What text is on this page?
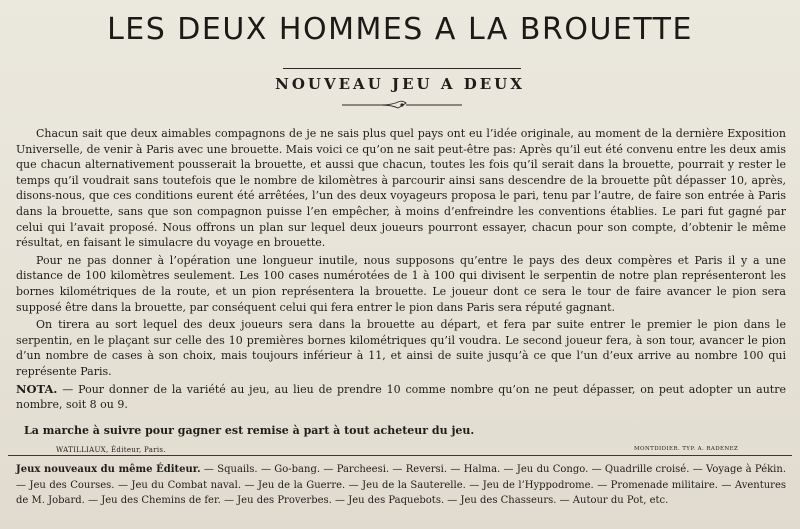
LES DEUX HOMMES A LA BROUETTE
NOUVEAU JEU A DEUX

Chacun sait que deux aimables compagnons de je ne sais plus quel pays ont eu l’idée originale, au moment de la dernière Exposition Universelle, de venir à Paris avec une brouette. Mais voici ce qu’on ne sait peut-être pas: Après qu’il eut été convenu entre les deux amis que chacun alternativement pousserait la brouette, et aussi que chacun, toutes les fois qu’il serait dans la brouette, pourrait y rester le temps qu’il voudrait sans toutefois que le nombre de kilomètres à parcourir ainsi sans descendre de la brouette pût dépasser 10, après, disons-nous, que ces conditions eurent été arrêtées, l’un des deux voyageurs proposa le pari, tenu par l’autre, de faire son entrée à Paris dans la brouette, sans que son compagnon puisse l’en empêcher, à moins d’enfreindre les conventions établies. Le pari fut gagné par celui qui l’avait proposé. Nous offrons un plan sur lequel deux joueurs pourront essayer, chacun pour son compte, d’obtenir le même résultat, en faisant le simulacre du voyage en brouette.

Pour ne pas donner à l’opération une longueur inutile, nous supposons qu’entre le pays des deux compères et Paris il y a une distance de 100 kilomètres seulement. Les 100 cases numérotées de 1 à 100 qui divisent le serpentin de notre plan représenteront les bornes kilométriques de la route, et un pion représentera la brouette. Le joueur dont ce sera le tour de faire avancer le pion sera supposé être dans la brouette, par conséquent celui qui fera entrer le pion dans Paris sera réputé gagnant.

On tirera au sort lequel des deux joueurs sera dans la brouette au départ, et fera par suite entrer le premier le pion dans le serpentin, en le plaçant sur celle des 10 premières bornes kilométriques qu’il voudra. Le second joueur fera, à son tour, avancer le pion d’un nombre de cases à son choix, mais toujours inférieur à 11, et ainsi de suite jusqu’à ce que l’un d’eux arrive au nombre 100 qui représente Paris.

NOTA. — Pour donner de la variété au jeu, au lieu de prendre 10 comme nombre qu’on ne peut dépasser, on peut adopter un autre nombre, soit 8 ou 9.

La marche à suivre pour gagner est remise à part à tout acheteur du jeu.
WATILLIAUX, Éditeur, Paris.	MONTDIDIER. TYP. A. RADENEZ
Jeux nouveaux du même Éditeur. — Squails. — Go-bang. — Parcheesi. — Reversi. — Halma. — Jeu du Congo. — Quadrille croisé. — Voyage à Pékin. — Jeu des Courses. — Jeu du Combat naval. — Jeu de la Guerre. — Jeu de la Sauterelle. — Jeu de l’Hyppodrome. — Promenade militaire. — Aventures de M. Jobard. — Jeu des Chemins de fer. — Jeu des Proverbes. — Jeu des Paquebots. — Jeu des Chasseurs. — Autour du Pot, etc.
